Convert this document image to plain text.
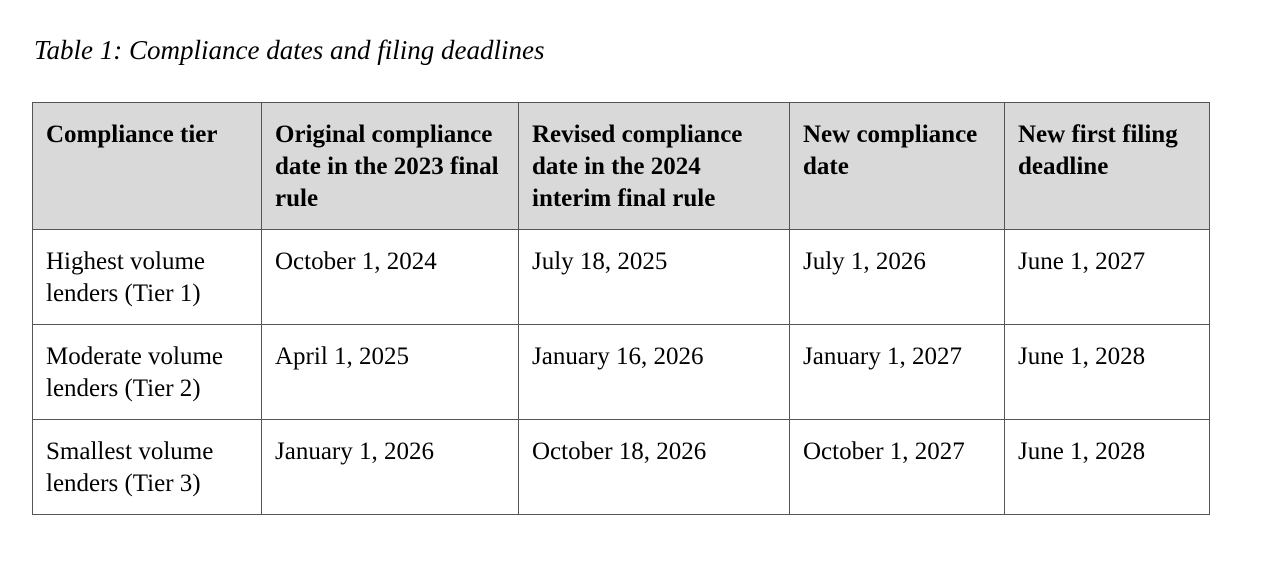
Table 1: Compliance dates and filing deadlines
Compliance tier	Original compliance date in the 2023 final rule	Revised compliance date in the 2024 interim final rule	New compliance date	New first filing deadline
Highest volume lenders (Tier 1)	October 1, 2024	July 18, 2025	July 1, 2026	June 1, 2027
Moderate volume lenders (Tier 2)	April 1, 2025	January 16, 2026	January 1, 2027	June 1, 2028
Smallest volume lenders (Tier 3)	January 1, 2026	October 18, 2026	October 1, 2027	June 1, 2028
